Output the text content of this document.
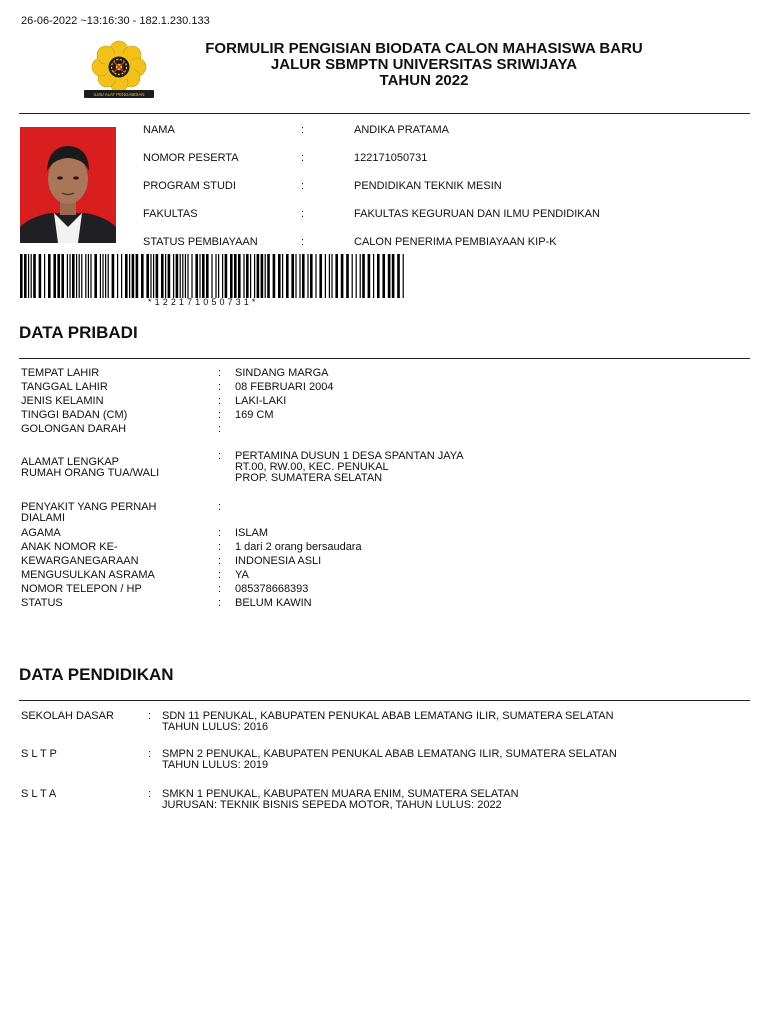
26-06-2022 ~13:16:30 - 182.1.230.133
ILMU ALAT PENGABDIAN
FORMULIR PENGISIAN BIODATA CALON MAHASISWA BARU
JALUR SBMPTN UNIVERSITAS SRIWIJAYA
TAHUN 2022
NAMA	:	ANDIKA PRATAMA
NOMOR PESERTA	:	122171050731
PROGRAM STUDI	:	PENDIDIKAN TEKNIK MESIN
FAKULTAS	:	FAKULTAS KEGURUAN DAN ILMU PENDIDIKAN
STATUS PEMBIAYAAN	:	CALON PENERIMA PEMBIAYAAN KIP-K
*122171050731*
DATA PRIBADI
TEMPAT LAHIR	: SINDANG MARGA
TANGGAL LAHIR	: 08 FEBRUARI 2004
JENIS KELAMIN	: LAKI-LAKI
TINGGI BADAN (CM)	: 169 CM
GOLONGAN DARAH	:
ALAMAT LENGKAP
RUMAH ORANG TUA/WALI
: PERTAMINA DUSUN 1 DESA SPANTAN JAYA
RT.00, RW.00, KEC. PENUKAL
PROP. SUMATERA SELATAN
PENYAKIT YANG PERNAH
DIALAMI
:
AGAMA	: ISLAM
ANAK NOMOR KE-	: 1 dari 2 orang bersaudara
KEWARGANEGARAAN	: INDONESIA ASLI
MENGUSULKAN ASRAMA	: YA
NOMOR TELEPON / HP	: 085378668393
STATUS	: BELUM KAWIN
DATA PENDIDIKAN
SEKOLAH DASAR	: SDN 11 PENUKAL, KABUPATEN PENUKAL ABAB LEMATANG ILIR, SUMATERA SELATAN
TAHUN LULUS: 2016
S L T P	: SMPN 2 PENUKAL, KABUPATEN PENUKAL ABAB LEMATANG ILIR, SUMATERA SELATAN
TAHUN LULUS: 2019
S L T A	: SMKN 1 PENUKAL, KABUPATEN MUARA ENIM, SUMATERA SELATAN
JURUSAN: TEKNIK BISNIS SEPEDA MOTOR, TAHUN LULUS: 2022
